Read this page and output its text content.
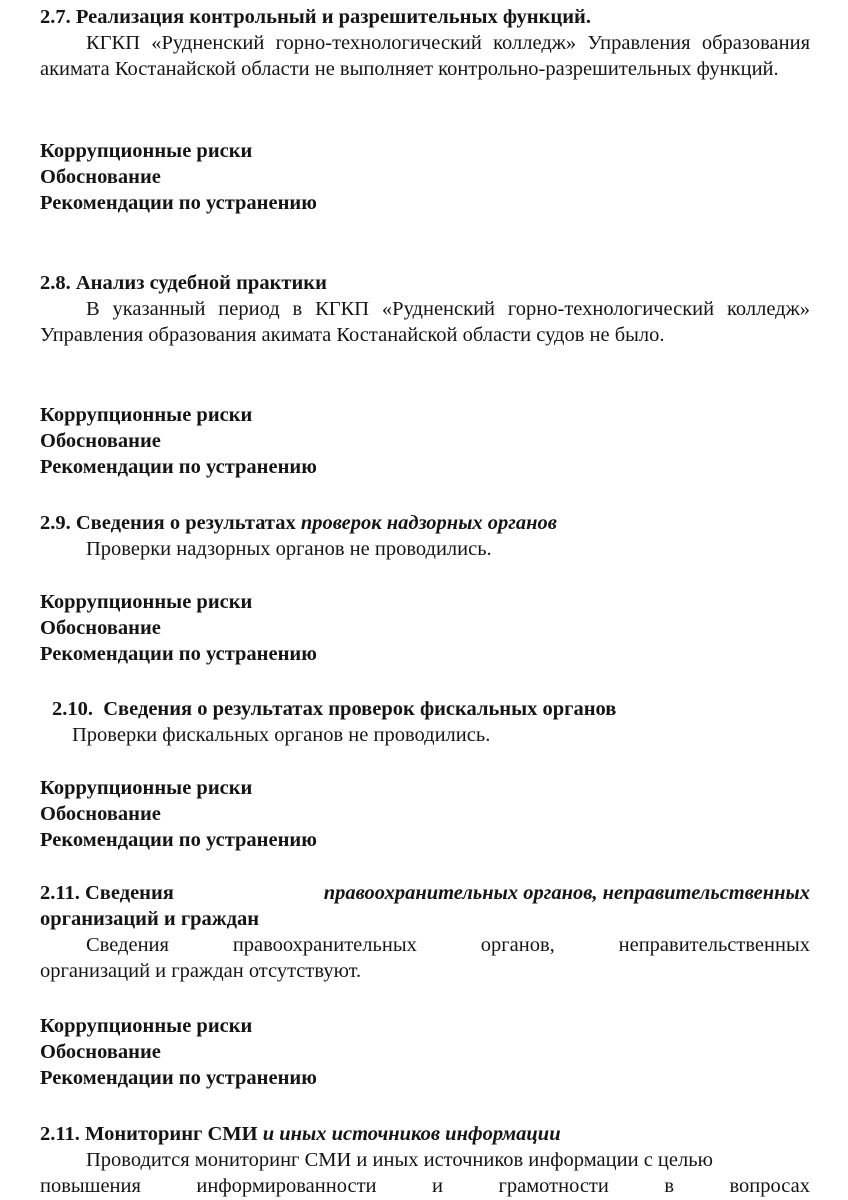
2.7. Реализация контрольный и разрешительных функций.

КГКП «Рудненский горно-технологический колледж» Управления образования акимата Костанайской области не выполняет контрольно-разрешительных функций.

Коррупционные риски

Обоснование

Рекомендации по устранению

2.8. Анализ судебной практики

В указанный период в КГКП «Рудненский горно-технологический колледж» Управления образования акимата Костанайской области судов не было.

Коррупционные риски

Обоснование

Рекомендации по устранению

2.9. Сведения о результатах проверок надзорных органов

Проверки надзорных органов не проводились.

Коррупционные риски

Обоснование

Рекомендации по устранению

2.10.  Сведения о результатах проверок фискальных органов

Проверки фискальных органов не проводились.

Коррупционные риски

Обоснование

Рекомендации по устранению

2.11. Сведения	правоохранительных органов, неправительственных

организаций и граждан

Сведения	правоохранительных	органов,	неправительственных

организаций и граждан отсутствуют.

Коррупционные риски

Обоснование

Рекомендации по устранению

2.11. Мониторинг СМИ и иных источников информации

Проводится мониторинг СМИ и иных источников информации с целью

повышения	информированности	и	грамотности	в	вопросах
